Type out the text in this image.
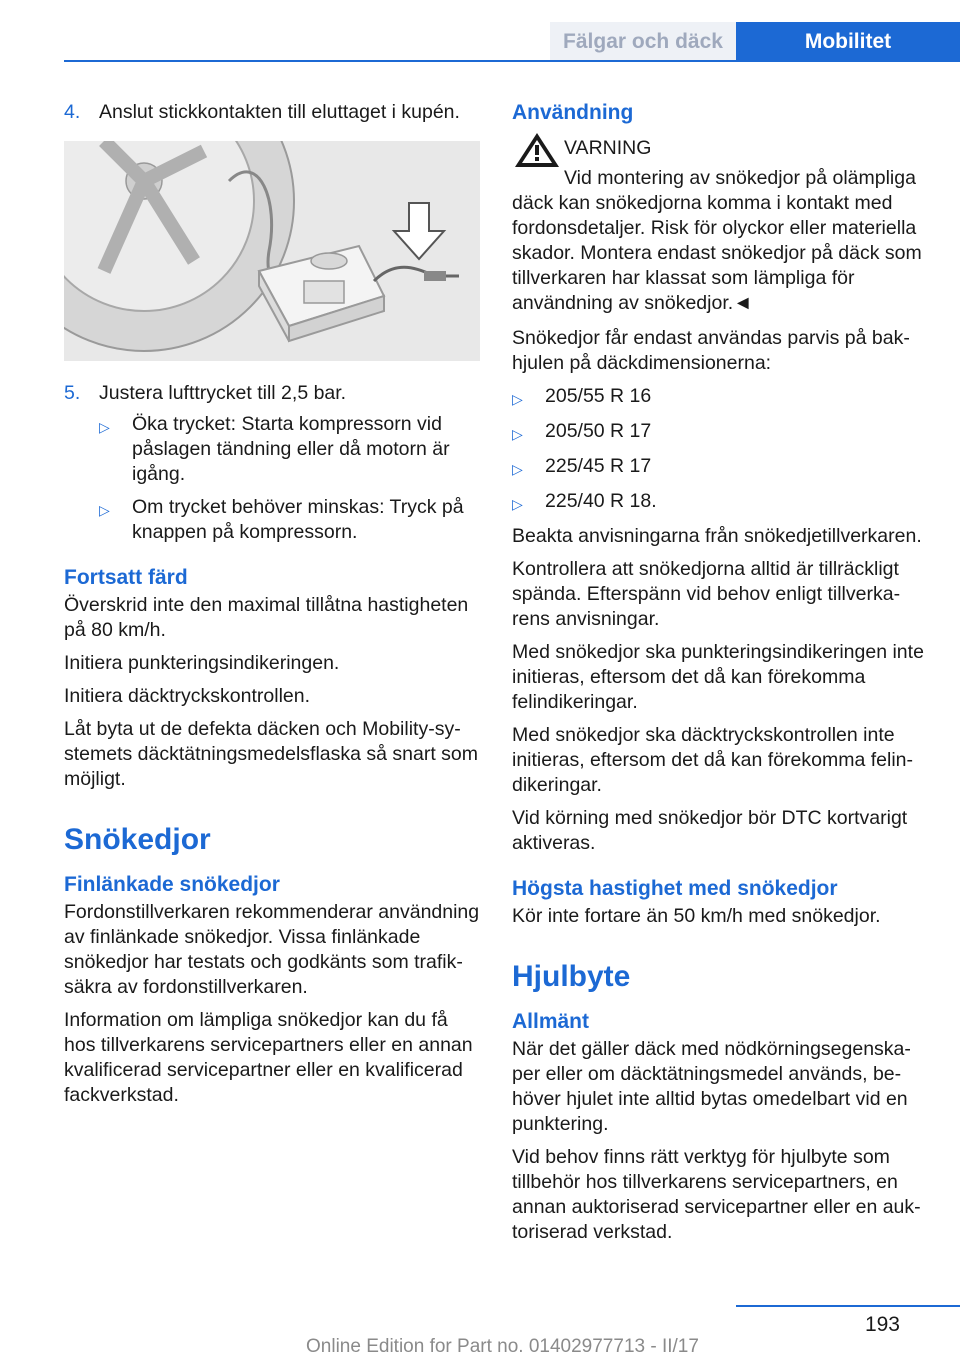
Fälgar och däck	Mobilitet
4. Anslut stickkontakten till eluttaget i kupén.
5. Justera lufttrycket till 2,5 bar.
▷	Öka trycket: Starta kompressorn vid påslagen tändning eller då motorn är igång.
▷	Om trycket behöver minskas: Tryck på knappen på kompressorn.
Fortsatt färd
Överskrid inte den maximal tillåtna hastigheten på 80 km/h.
Initiera punkteringsindikeringen.
Initiera däcktryckskontrollen.
Låt byta ut de defekta däcken och Mobility-systemets däcktätningsmedelsflaska så snart som möjligt.
Snökedjor
Finlänkade snökedjor
Fordonstillverkaren rekommenderar användning av finlänkade snökedjor. Vissa finlänkade snökedjor har testats och godkänts som trafiksäkra av fordonstillverkaren.
Information om lämpliga snökedjor kan du få hos tillverkarens servicepartners eller en annan kvalificerad servicepartner eller en kvalificerad fackverkstad.
Användning
VARNING
Vid montering av snökedjor på olämpliga däck kan snökedjorna komma i kontakt med fordonsdetaljer. Risk för olyckor eller materiella skador. Montera endast snökedjor på däck som tillverkaren har klassat som lämpliga för användning av snökedjor.◄
Snökedjor får endast användas parvis på bakhjulen på däckdimensionerna:
▷	205/55 R 16
▷	205/50 R 17
▷	225/45 R 17
▷	225/40 R 18.
Beakta anvisningarna från snökedjetillverkaren.
Kontrollera att snökedjorna alltid är tillräckligt spända. Efterspänn vid behov enligt tillverkarens anvisningar.
Med snökedjor ska punkteringsindikeringen inte initieras, eftersom det då kan förekomma felindikeringar.
Med snökedjor ska däcktryckskontrollen inte initieras, eftersom det då kan förekomma felindikeringar.
Vid körning med snökedjor bör DTC kortvarigt aktiveras.
Högsta hastighet med snökedjor
Kör inte fortare än 50 km/h med snökedjor.
Hjulbyte
Allmänt
När det gäller däck med nödkörningsegenskaper eller om däcktätningsmedel används, behöver hjulet inte alltid bytas omedelbart vid en punktering.
Vid behov finns rätt verktyg för hjulbyte som tillbehör hos tillverkarens servicepartners, en annan auktoriserad servicepartner eller en auktoriserad verkstad.
193
Online Edition for Part no. 01402977713 - II/17
